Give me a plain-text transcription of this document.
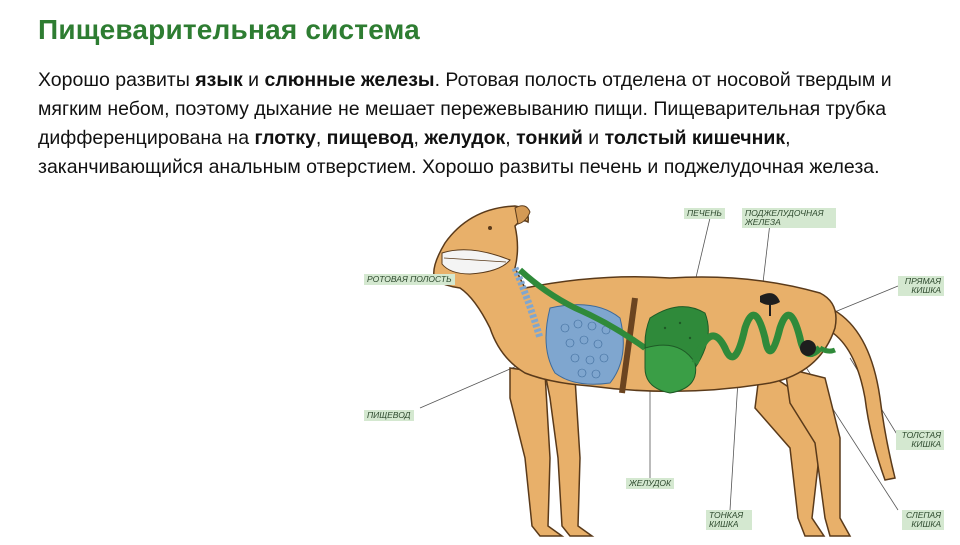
Пищеварительная система
Хорошо развиты язык и слюнные железы. Ротовая полость отделена от носовой твердым и мягким небом, поэтому дыхание не мешает пережевыванию пищи. Пищеварительная трубка дифференцирована на глотку, пищевод, желудок, тонкий и толстый кишечник, заканчивающийся анальным отверстием. Хорошо развиты печень и поджелудочная железа.
РОТОВАЯ ПОЛОСТЬ
ПИЩЕВОД
ПЕЧЕНЬ	ПОДЖЕЛУДОЧНАЯ ЖЕЛЕЗА
ПРЯМАЯ КИШКА
ТОЛСТАЯ КИШКА
ЖЕЛУДОК
ТОНКАЯ КИШКА
СЛЕПАЯ КИШКА
